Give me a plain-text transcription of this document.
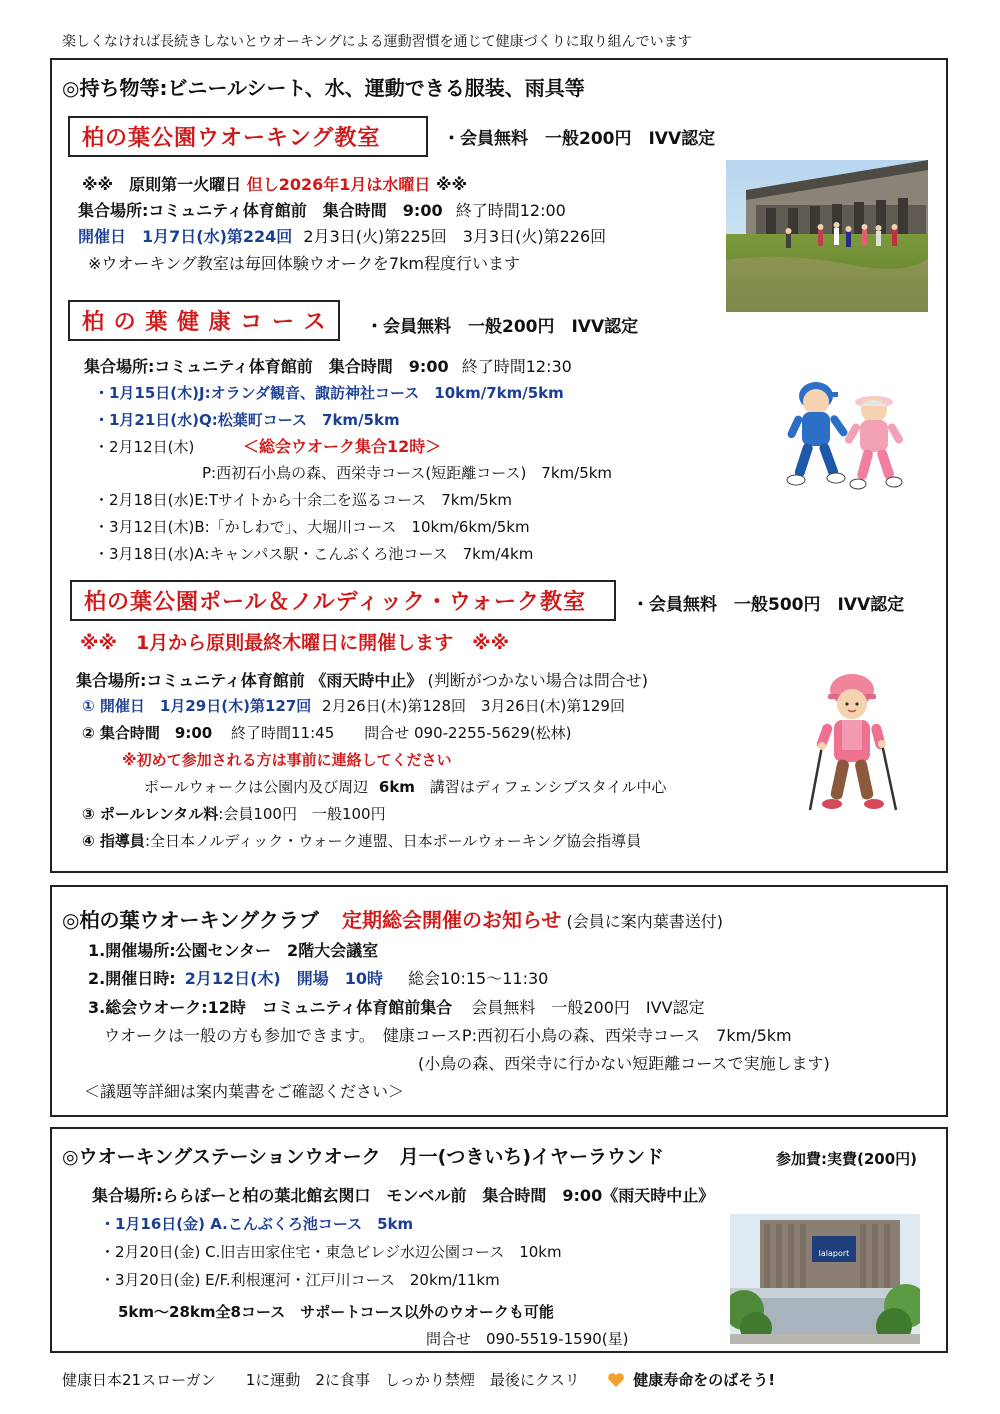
楽しくなければ長続きしないとウオーキングによる運動習慣を通じて健康づくりに取り組んでいます
◎持ち物等:ビニールシート、水、運動できる服装、雨具等
柏の葉公園ウオーキング教室	・会員無料　一般200円　IVV認定
※※　原則第一火曜日 但し2026年1月は水曜日 ※※
集合場所:コミュニティ体育館前　集合時間　9:00 終了時間12:00
開催日　1月7日(水)第224回 2月3日(火)第225回　3月3日(火)第226回
※ウオーキング教室は毎回体験ウオークを7km程度行います
柏 の 葉 健 康 コ ー ス	・会員無料　一般200円　IVV認定
集合場所:コミュニティ体育館前　集合時間　9:00 終了時間12:30
・1月15日(木)J:オランダ観音、諏訪神社コース　10km/7km/5km
・1月21日(水)Q:松葉町コース　7km/5km
・2月12日(木)	＜総会ウオーク集合12時＞
P:西初石小鳥の森、西栄寺コース(短距離コース)　7km/5km
・2月18日(水)E:Tサイトから十余二を巡るコース　7km/5km
・3月12日(木)B:「かしわで」、大堀川コース　10km/6km/5km
・3月18日(水)A:キャンパス駅・こんぶくろ池コース　7km/4km
柏の葉公園ポール＆ノルディック・ウォーク教室	・会員無料　一般500円　IVV認定
※※　1月から原則最終木曜日に開催します　※※
集合場所:コミュニティ体育館前 《雨天時中止》 (判断がつかない場合は問合せ)
① 開催日　1月29日(木)第127回 2月26日(木)第128回　3月26日(木)第129回
② 集合時間　9:00 終了時間11:45　　問合せ 090-2255-5629(松林)
※初めて参加される方は事前に連絡してください
ポールウォークは公園内及び周辺 6km 講習はディフェンシブスタイル中心
③ ポールレンタル料:会員100円　一般100円
④ 指導員:全日本ノルディック・ウォーク連盟、日本ポールウォーキング協会指導員
◎柏の葉ウオーキングクラブ 定期総会開催のお知らせ (会員に案内葉書送付)
1.開催場所:公園センター　2階大会議室
2.開催日時: 2月12日(木)　開場　10時 総会10:15～11:30
3.総会ウオーク:12時　コミュニティ体育館前集合 会員無料　一般200円　IVV認定
ウオークは一般の方も参加できます。　健康コースP:西初石小鳥の森、西栄寺コース　7km/5km
(小鳥の森、西栄寺に行かない短距離コースで実施します)
＜議題等詳細は案内葉書をご確認ください＞
◎ウオーキングステーションウオーク　月一(つきいち)イヤーラウンド	参加費:実費(200円)
集合場所:ららぽーと柏の葉北館玄関口　モンベル前　集合時間　9:00《雨天時中止》
・1月16日(金) A.こんぶくろ池コース　5km
・2月20日(金) C.旧吉田家住宅・東急ビレジ水辺公園コース　10km
・3月20日(金) E/F.利根運河・江戸川コース　20km/11km
5km～28km全8コース　サポートコース以外のウオークも可能
問合せ　090-5519-1590(星)
lalaport
健康日本21スローガン　　1に運動　2に食事　しっかり禁煙　最後にクスリ	健康寿命をのばそう!
